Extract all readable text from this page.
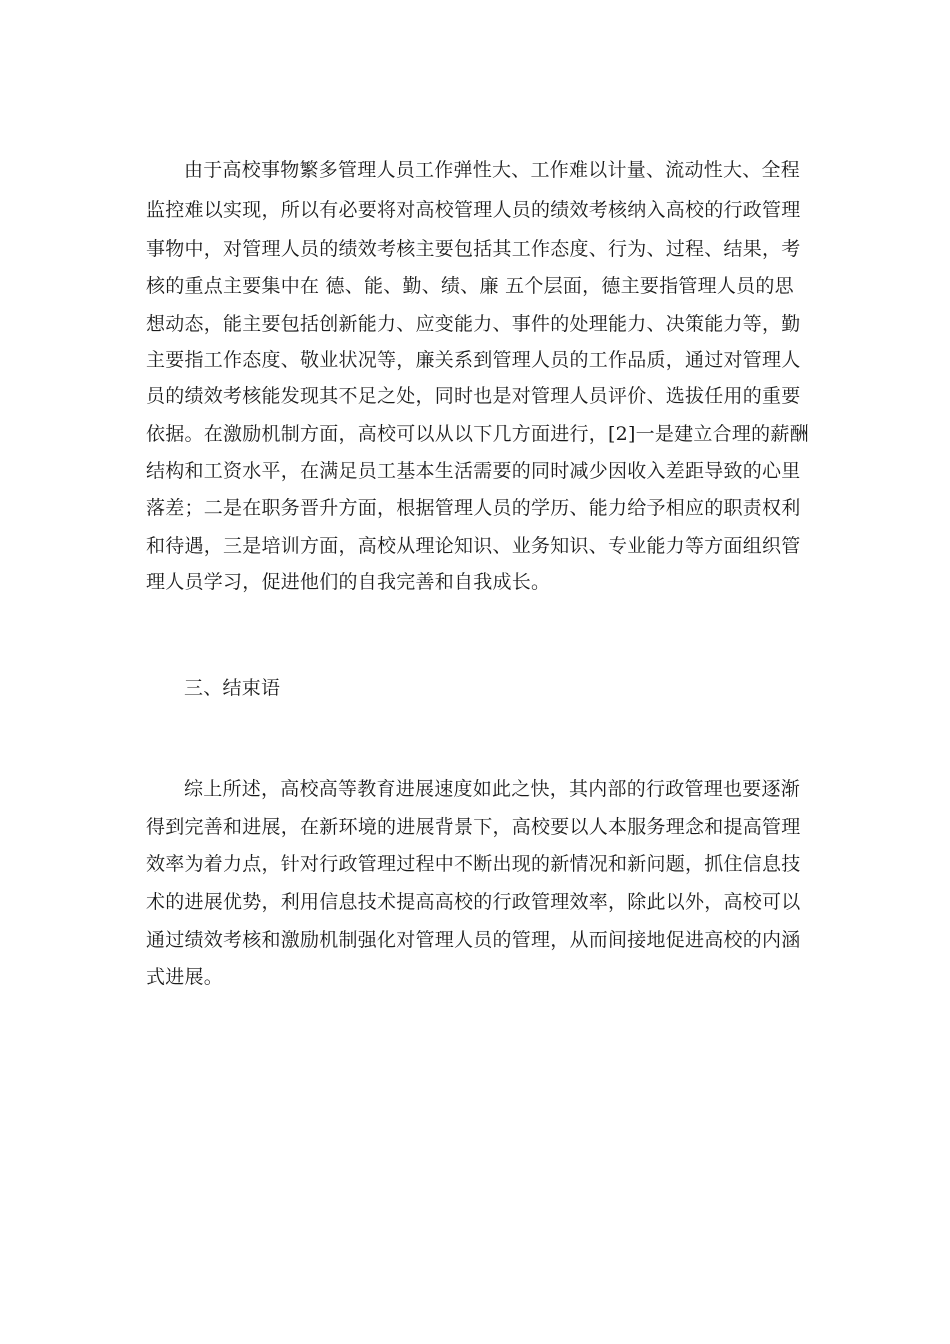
由于高校事物繁多管理人员工作弹性大、工作难以计量、流动性大、全程
监控难以实现，所以有必要将对高校管理人员的绩效考核纳入高校的行政管理
事物中，对管理人员的绩效考核主要包括其工作态度、行为、过程、结果，考
核的重点主要集中在 德、能、勤、绩、廉 五个层面，德主要指管理人员的思
想动态，能主要包括创新能力、应变能力、事件的处理能力、决策能力等，勤
主要指工作态度、敬业状况等，廉关系到管理人员的工作品质，通过对管理人
员的绩效考核能发现其不足之处，同时也是对管理人员评价、选拔任用的重要
依据。在激励机制方面，高校可以从以下几方面进行，[2]一是建立合理的薪酬
结构和工资水平，在满足员工基本生活需要的同时减少因收入差距导致的心里
落差；二是在职务晋升方面，根据管理人员的学历、能力给予相应的职责权利
和待遇，三是培训方面，高校从理论知识、业务知识、专业能力等方面组织管
理人员学习，促进他们的自我完善和自我成长。
三、结束语
综上所述，高校高等教育进展速度如此之快，其内部的行政管理也要逐渐
得到完善和进展，在新环境的进展背景下，高校要以人本服务理念和提高管理
效率为着力点，针对行政管理过程中不断出现的新情况和新问题，抓住信息技
术的进展优势，利用信息技术提高高校的行政管理效率，除此以外，高校可以
通过绩效考核和激励机制强化对管理人员的管理，从而间接地促进高校的内涵
式进展。
